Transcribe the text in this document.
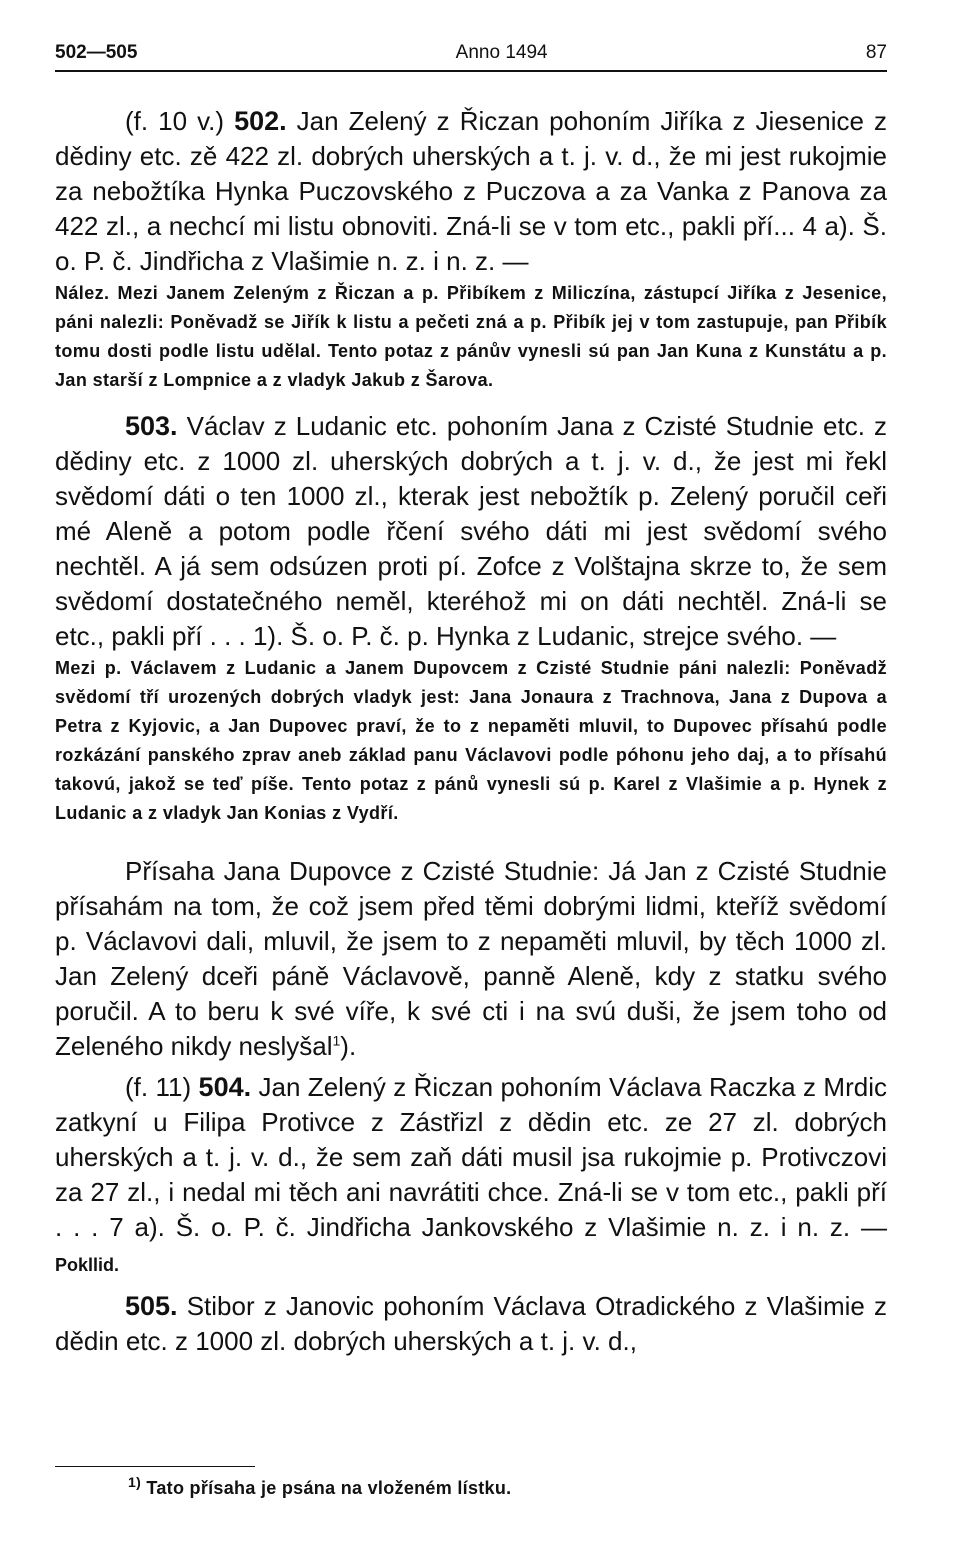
502—505	Anno 1494	87

(f. 10 v.) 502. Jan Zelený z Řiczan pohoním Jiříka z Jiesenice z dědiny etc. zě 422 zl. dobrých uherských a t. j. v. d., že mi jest rukojmie za nebožtíka Hynka Puczovského z Puczova a za Vanka z Panova za 422 zl., a nechcí mi listu obnoviti. Zná-li se v tom etc., pakli pří... 4 a). Š. o. P. č. Jindřicha z Vlašimie n. z. i n. z. —

Nález. Mezi Janem Zeleným z Řiczan a p. Přibíkem z Miliczína, zástupcí Jiříka z Jesenice, páni nalezli: Poněvadž se Jiřík k listu a pečeti zná a p. Přibík jej v tom zastupuje, pan Přibík tomu dosti podle listu udělal. Tento potaz z pánův vynesli sú pan Jan Kuna z Kunstátu a p. Jan starší z Lompnice a z vladyk Jakub z Šarova.

503. Václav z Ludanic etc. pohoním Jana z Czisté Studnie etc. z dědiny etc. z 1000 zl. uherských dobrých a t. j. v. d., že jest mi řekl svědomí dáti o ten 1000 zl., kterak jest nebožtík p. Zelený poručil ceři mé Aleně a potom podle řčení svého dáti mi jest svědomí svého nechtěl. A já sem odsúzen proti pí. Zofce z Volštajna skrze to, že sem svědomí dostatečného neměl, kteréhož mi on dáti nechtěl. Zná-li se etc., pakli pří . . . 1). Š. o. P. č. p. Hynka z Ludanic, strejce svého. —

Mezi p. Václavem z Ludanic a Janem Dupovcem z Czisté Studnie páni nalezli: Poněvadž svědomí tří urozených dobrých vladyk jest: Jana Jonaura z Trachnova, Jana z Dupova a Petra z Kyjovic, a Jan Dupovec praví, že to z nepaměti mluvil, to Dupovec přísahú podle rozkázání panského zprav aneb základ panu Václavovi podle póhonu jeho daj, a to přísahú takovú, jakož se teď píše. Tento potaz z pánů vynesli sú p. Karel z Vlašimie a p. Hynek z Ludanic a z vladyk Jan Konias z Vydří.

Přísaha Jana Dupovce z Czisté Studnie: Já Jan z Czisté Studnie přísahám na tom, že což jsem před těmi dobrými lidmi, kteříž svědomí p. Václavovi dali, mluvil, že jsem to z nepaměti mluvil, by těch 1000 zl. Jan Zelený dceři páně Václavově, panně Aleně, kdy z statku svého poručil. A to beru k své víře, k své cti i na svú duši, že jsem toho od Zeleného nikdy neslyšal$^1$).

(f. 11) 504. Jan Zelený z Řiczan pohoním Václava Raczka z Mrdic zatkyní u Filipa Protivce z Zástřizl z dědin etc. ze 27 zl. dobrých uherských a t. j. v. d., že sem zaň dáti musil jsa rukojmie p. Protivczovi za 27 zl., i nedal mi těch ani navrátiti chce. Zná-li se v tom etc., pakli pří . . . 7 a). Š. o. P. č. Jindřicha Jankovského z Vlašimie n. z. i n. z. — Pokllid.

505. Stibor z Janovic pohoním Václava Otradického z Vlašimie z dědin etc. z 1000 zl. dobrých uherských a t. j. v. d.,

$^{1)}$ Tato přísaha je psána na vloženém lístku.
